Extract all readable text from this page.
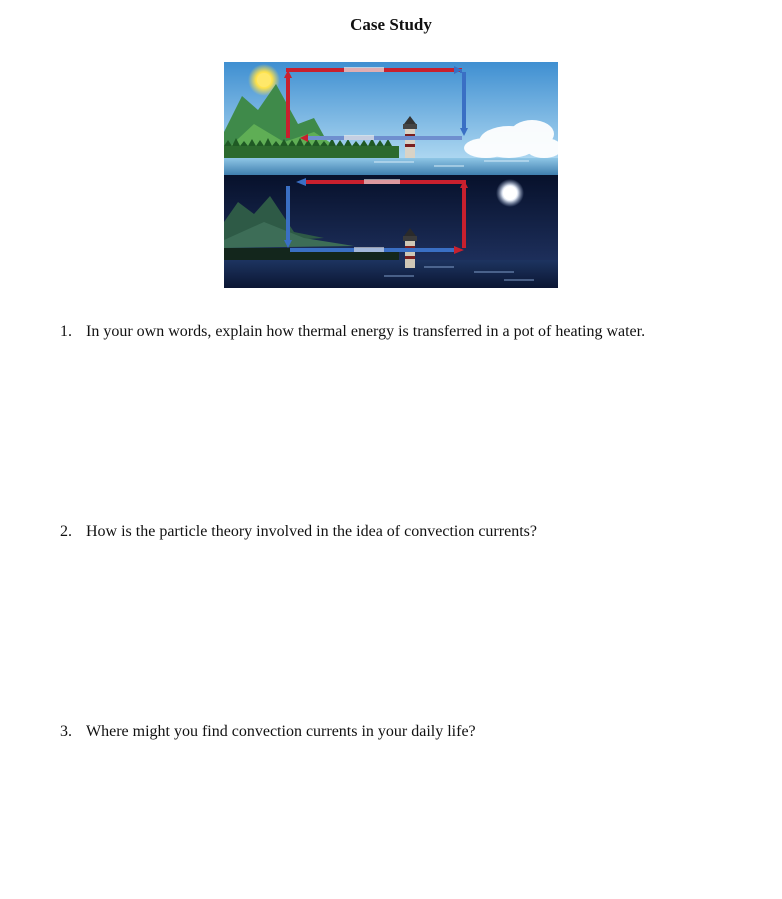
Case Study
1. In your own words, explain how thermal energy is transferred in a pot of heating water.
2. How is the particle theory involved in the idea of convection currents?
3. Where might you find convection currents in your daily life?
